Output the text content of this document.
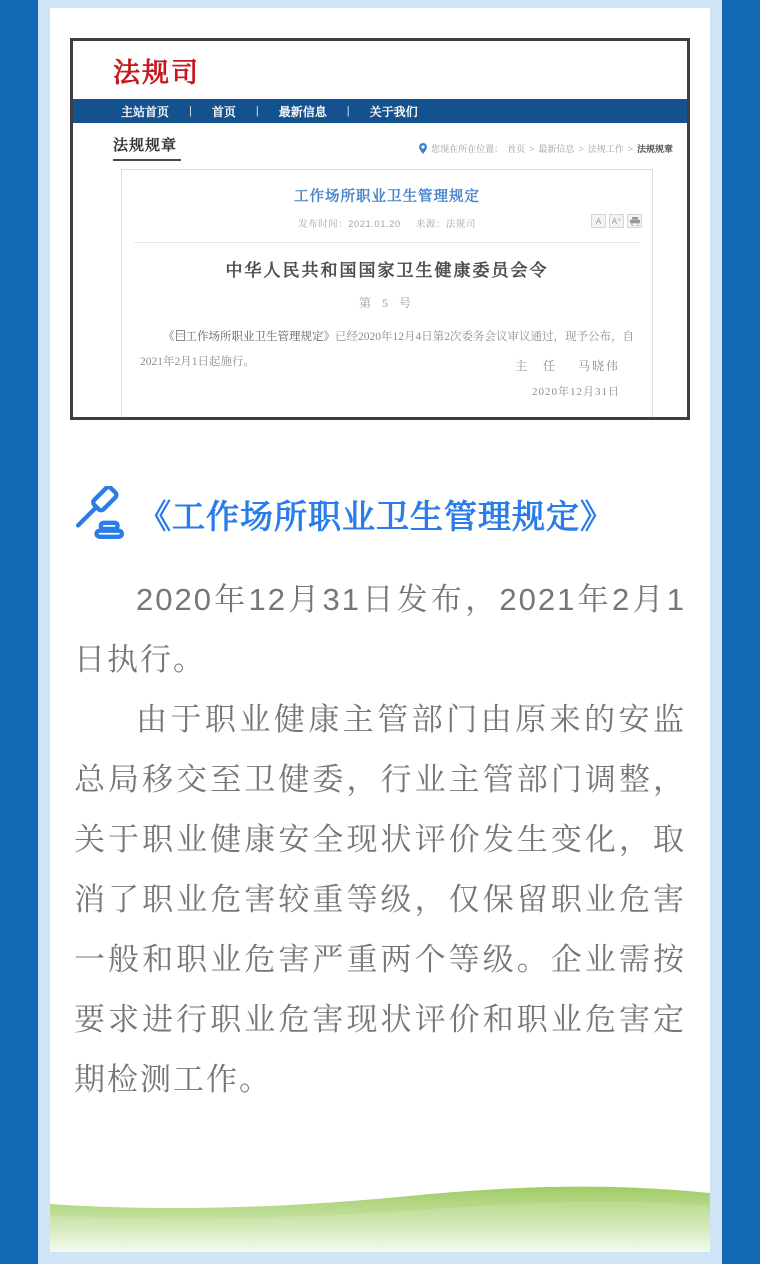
法规司
主站首页 | 首页 | 最新信息 | 关于我们
法规规章	您现在所在位置： 首页 > 最新信息 > 法规工作 > 法规规章
工作场所职业卫生管理规定
发布时间：2021.01.20 来源：法规司	A	A⁺
中华人民共和国国家卫生健康委员会令
第 5 号

《 工作场所职业卫生管理规定》已经2020年12月4日第2次委务会议审议通过，现予公布，自2021年2月1日起施行。	主　任 马晓伟
2020年12月31日
《工作场所职业卫生管理规定》

2020年12月31日发布，2021年2月1日执行。

由于职业健康主管部门由原来的安监总局移交至卫健委，行业主管部门调整，关于职业健康安全现状评价发生变化，取消了职业危害较重等级，仅保留职业危害一般和职业危害严重两个等级。企业需按要求进行职业危害现状评价和职业危害定期检测工作。
